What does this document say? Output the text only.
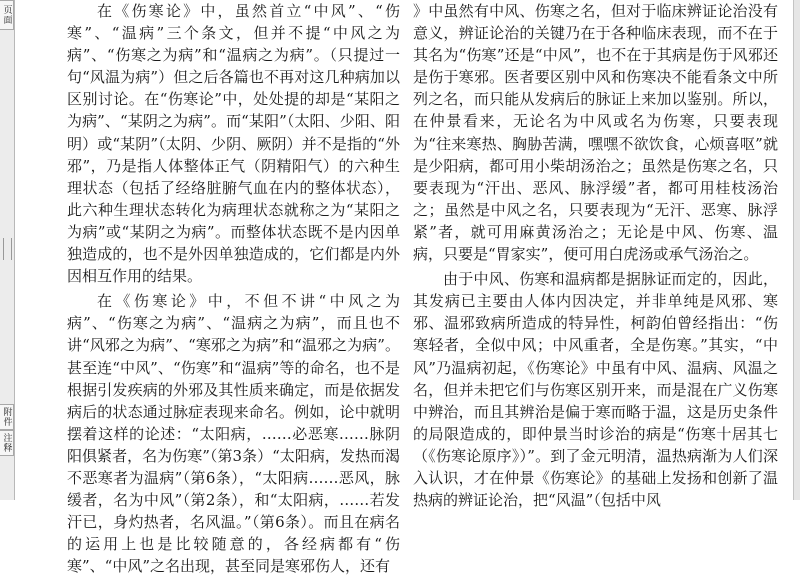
页面
附件
注释

在《伤寒论》中，虽然首立“中风”、“伤寒”、“温病”三个条文，但并不提“中风之为病”、“伤寒之为病”和“温病之为病”。（只提过一句“风温为病”）但之后各篇也不再对这几种病加以区别讨论。在“伤寒论”中，处处提的却是“某阳之为病”、“某阴之为病”。而“某阳”（太阳、少阳、阳明）或“某阴”（太阴、少阴、厥阴）并不是指的“外邪”，乃是指人体整体正气（阴精阳气）的六种生理状态（包括了经络脏腑气血在内的整体状态），此六种生理状态转化为病理状态就称之为“某阳之为病”或“某阴之为病”。而整体状态既不是内因单独造成的，也不是外因单独造成的，它们都是内外因相互作用的结果。

在《伤寒论》中，不但不讲“中风之为病”、“伤寒之为病”、“温病之为病”，而且也不讲“风邪之为病”、“寒邪之为病”和“温邪之为病”。甚至连“中风”、“伤寒”和“温病”等的命名，也不是根据引发疾病的外邪及其性质来确定，而是依据发病后的状态通过脉症表现来命名。例如，论中就明摆着这样的论述：“太阳病，……必恶寒……脉阴阳俱紧者，名为伤寒”（第3条）“太阳病，发热而渴不恶寒者为温病”（第6条），“太阳病……恶风，脉缓者，名为中风”（第2条），和“太阳病，……若发汗已，身灼热者，名风温。”（第6条）。而且在病名的运用上也是比较随意的，各经病都有“伤寒”、“中风”之名出现，甚至同是寒邪伤人，还有

》中虽然有中风、伤寒之名，但对于临床辨证论治没有意义，辨证论治的关键乃在于各种临床表现，而不在于其名为“伤寒”还是“中风”，也不在于其病是伤于风邪还是伤于寒邪。医者要区别中风和伤寒决不能看条文中所列之名，而只能从发病后的脉证上来加以鉴别。所以，在仲景看来，无论名为中风或名为伤寒，只要表现为“往来寒热、胸胁苦满，嘿嘿不欲饮食，心烦喜呕”就是少阳病，都可用小柴胡汤治之；虽然是伤寒之名，只要表现为“汗出、恶风、脉浮缓”者，都可用桂枝汤治之；虽然是中风之名，只要表现为“无汗、恶寒、脉浮紧”者，就可用麻黄汤治之；无论是中风、伤寒、温病，只要是“胃家实”，便可用白虎汤或承气汤治之。

由于中风、伤寒和温病都是据脉证而定的，因此，其发病已主要由人体内因决定，并非单纯是风邪、寒邪、温邪致病所造成的特异性，柯韵伯曾经指出：“伤寒轻者，全似中风；中风重者，全是伤寒。”其实，“中风”乃温病初起，《伤寒论》中虽有中风、温病、风温之名，但并未把它们与伤寒区别开来，而是混在广义伤寒中辨治，而且其辨治是偏于寒而略于温，这是历史条件的局限造成的，即仲景当时诊治的病是“伤寒十居其七（《伤寒论原序》）”。到了金元明清，温热病渐为人们深入认识，才在仲景《伤寒论》的基础上发扬和创新了温热病的辨证论治，把“风温”（包括中风
